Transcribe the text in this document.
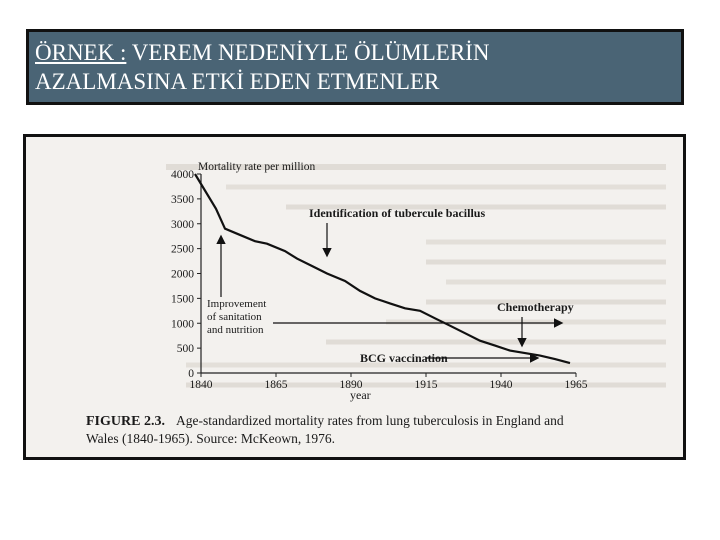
ÖRNEK : VEREM NEDENİYLE ÖLÜMLERİN
AZALMASINA ETKİ EDEN ETMENLER

0
500
1000
1500
2000
2500
3000
3500
4000
1840	1865	1890	1915	1940	1965
Identification of tubercule bacillus
Improvement
of sanitation
and nutrition
Chemotherapy
BCG vaccination
Mortality rate per million
year
FIGURE 2.3. Age-standardized mortality rates from lung tuberculosis in England and
Wales (1840-1965). Source: McKeown, 1976.
